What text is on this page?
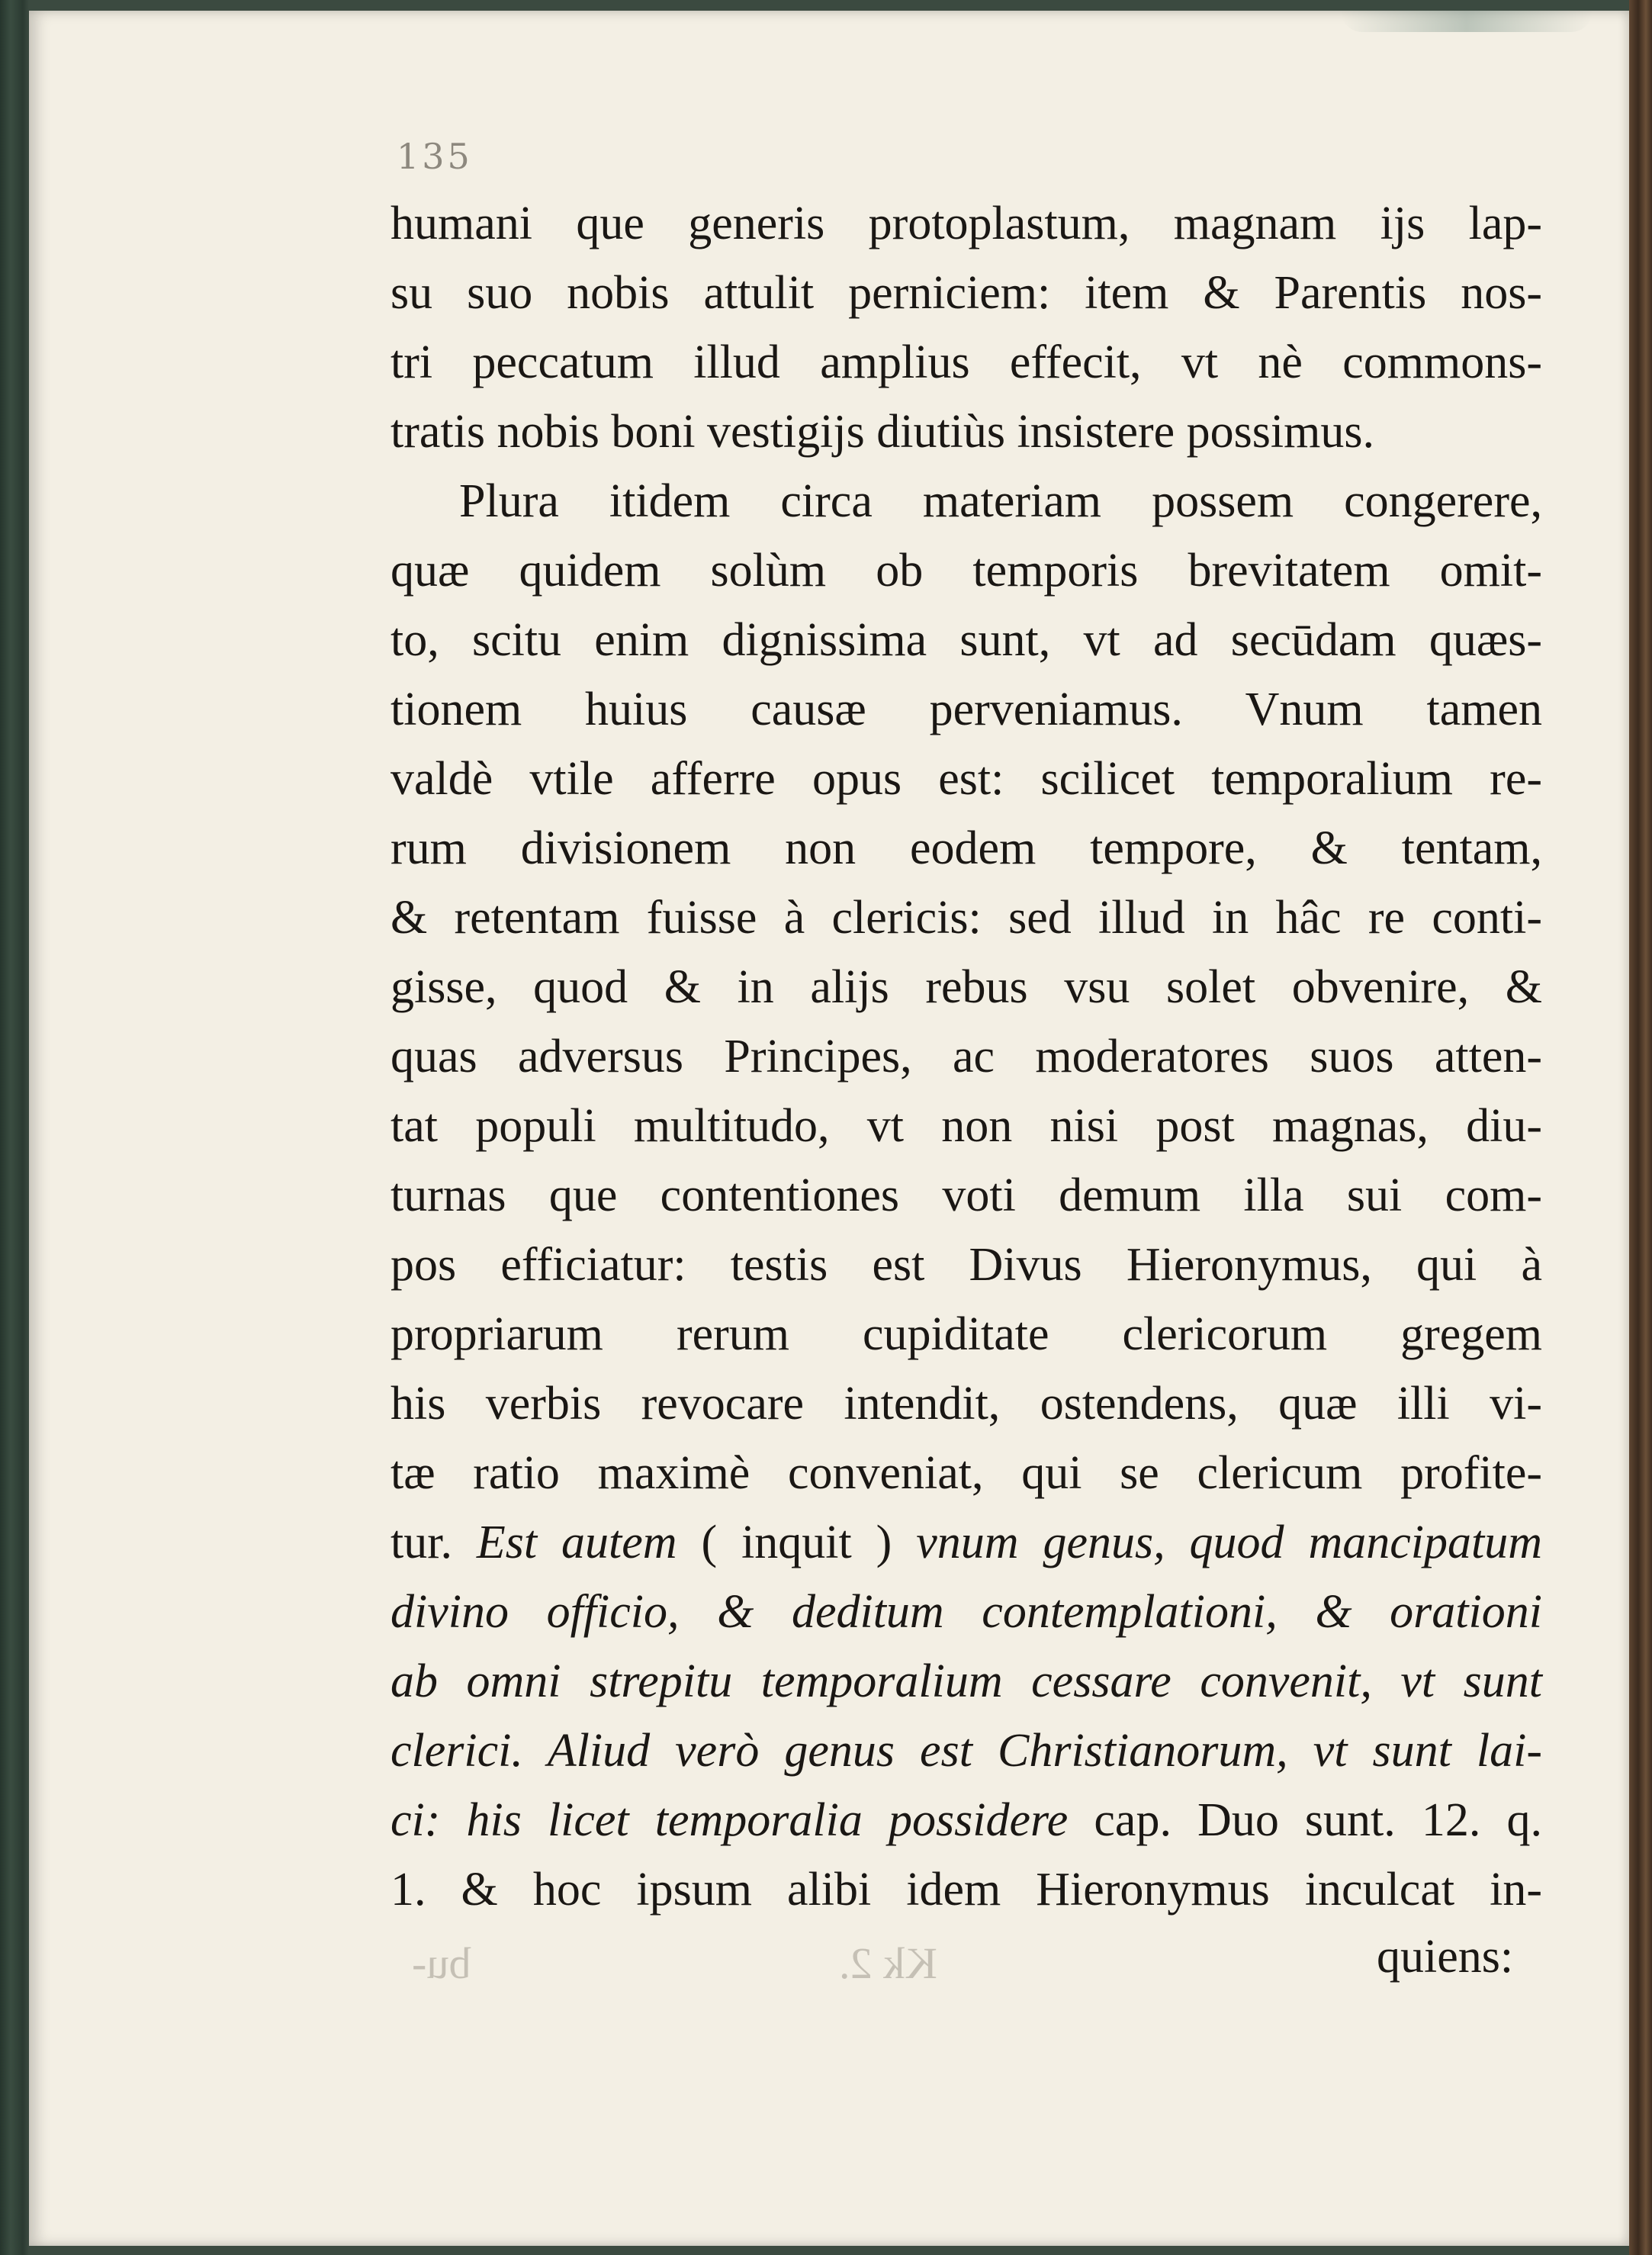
135
humani que generis protoplastum, magnam ijs lap-
su suo nobis attulit perniciem: item & Parentis nos-
tri peccatum illud amplius effecit, vt nè commons-
tratis nobis boni vestigijs diutiùs insistere possimus.
Plura itidem circa materiam possem congerere,
quæ quidem solùm ob temporis brevitatem omit-
to, scitu enim dignissima sunt, vt ad secūdam quæs-
tionem huius causæ perveniamus. Vnum tamen
valdè vtile afferre opus est: scilicet temporalium re-
rum divisionem non eodem tempore, & tentam,
& retentam fuisse à clericis: sed illud in hâc re conti-
gisse, quod & in alijs rebus vsu solet obvenire, &
quas adversus Principes, ac moderatores suos atten-
tat populi multitudo, vt non nisi post magnas, diu-
turnas que contentiones voti demum illa sui com-
pos efficiatur: testis est Divus Hieronymus, qui à
propriarum rerum cupiditate clericorum gregem
his verbis revocare intendit, ostendens, quæ illi vi-
tæ ratio maximè conveniat, qui se clericum profite-
tur. Est autem ( inquit ) vnum genus, quod mancipatum
divino officio, & deditum contemplationi, & orationi
ab omni strepitu temporalium cessare convenit, vt sunt
clerici. Aliud verò genus est Christianorum, vt sunt lai-
ci: his licet temporalia possidere cap. Duo sunt. 12. q.
1. & hoc ipsum alibi idem Hieronymus inculcat in-
bu-	Kk 2.	quiens:
